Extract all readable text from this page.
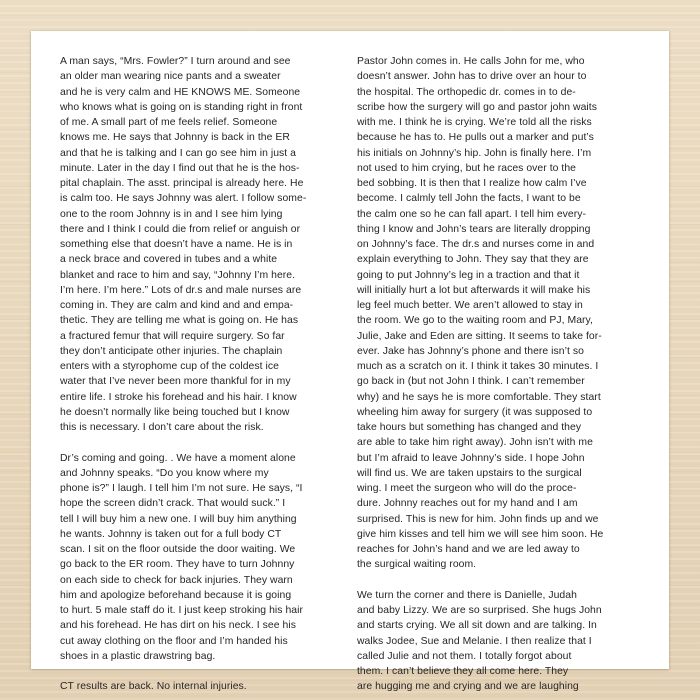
A man says, “Mrs. Fowler?” I turn around and see
an older man wearing nice pants and a sweater
and he is very calm and HE KNOWS ME. Someone
who knows what is going on is standing right in front
of me. A small part of me feels relief. Someone
knows me. He says that Johnny is back in the ER
and that he is talking and I can go see him in just a
minute. Later in the day I find out that he is the hos-
pital chaplain. The asst. principal is already here. He
is calm too. He says Johnny was alert. I follow some-
one to the room Johnny is in and I see him lying
there and I think I could die from relief or anguish or
something else that doesn’t have a name. He is in
a neck brace and covered in tubes and a white
blanket and race to him and say, “Johnny I’m here.
I’m here. I’m here.” Lots of dr.s and male nurses are
coming in. They are calm and kind and and empa-
thetic. They are telling me what is going on. He has
a fractured femur that will require surgery. So far
they don’t anticipate other injuries. The chaplain
enters with a styrophome cup of the coldest ice
water that I’ve never been more thankful for in my
entire life. I stroke his forehead and his hair. I know
he doesn’t normally like being touched but I know
this is necessary. I don’t care about the risk.
Dr’s coming and going. . We have a moment alone
and Johnny speaks. “Do you know where my
phone is?” I laugh. I tell him I’m not sure. He says, “I
hope the screen didn’t crack. That would suck.” I
tell I will buy him a new one. I will buy him anything
he wants. Johnny is taken out for a full body CT
scan. I sit on the floor outside the door waiting. We
go back to the ER room. They have to turn Johnny
on each side to check for back injuries. They warn
him and apologize beforehand because it is going
to hurt. 5 male staff do it. I just keep stroking his hair
and his forehead. He has dirt on his neck. I see his
cut away clothing on the floor and I’m handed his
shoes in a plastic drawstring bag.
CT results are back. No internal injuries.
Pastor John comes in. He calls John for me, who
doesn’t answer. John has to drive over an hour to
the hospital. The orthopedic dr. comes in to de-
scribe how the surgery will go and pastor john waits
with me. I think he is crying. We’re told all the risks
because he has to. He pulls out a marker and put’s
his initials on Johnny’s hip. John is finally here. I’m
not used to him crying, but he races over to the
bed sobbing. It is then that I realize how calm I’ve
become. I calmly tell John the facts, I want to be
the calm one so he can fall apart. I tell him every-
thing I know and John’s tears are literally dropping
on Johnny’s face. The dr.s and nurses come in and
explain everything to John. They say that they are
going to put Johnny’s leg in a traction and that it
will initially hurt a lot but afterwards it will make his
leg feel much better. We aren’t allowed to stay in
the room. We go to the waiting room and PJ, Mary,
Julie, Jake and Eden are sitting. It seems to take for-
ever. Jake has Johnny’s phone and there isn’t so
much as a scratch on it. I think it takes 30 minutes. I
go back in (but not John I think. I can’t remember
why) and he says he is more comfortable. They start
wheeling him away for surgery (it was supposed to
take hours but something has changed and they
are able to take him right away). John isn’t with me
but I’m afraid to leave Johnny’s side. I hope John
will find us. We are taken upstairs to the surgical
wing. I meet the surgeon who will do the proce-
dure. Johnny reaches out for my hand and I am
surprised. This is new for him. John finds up and we
give him kisses and tell him we will see him soon. He
reaches for John’s hand and we are led away to
the surgical waiting room.
We turn the corner and there is Danielle, Judah
and baby Lizzy. We are so surprised. She hugs John
and starts crying. We all sit down and are talking. In
walks Jodee, Sue and Melanie. I then realize that I
called Julie and not them. I totally forgot about
them. I can’t believe they all come here. They
are hugging me and crying and we are laughing
